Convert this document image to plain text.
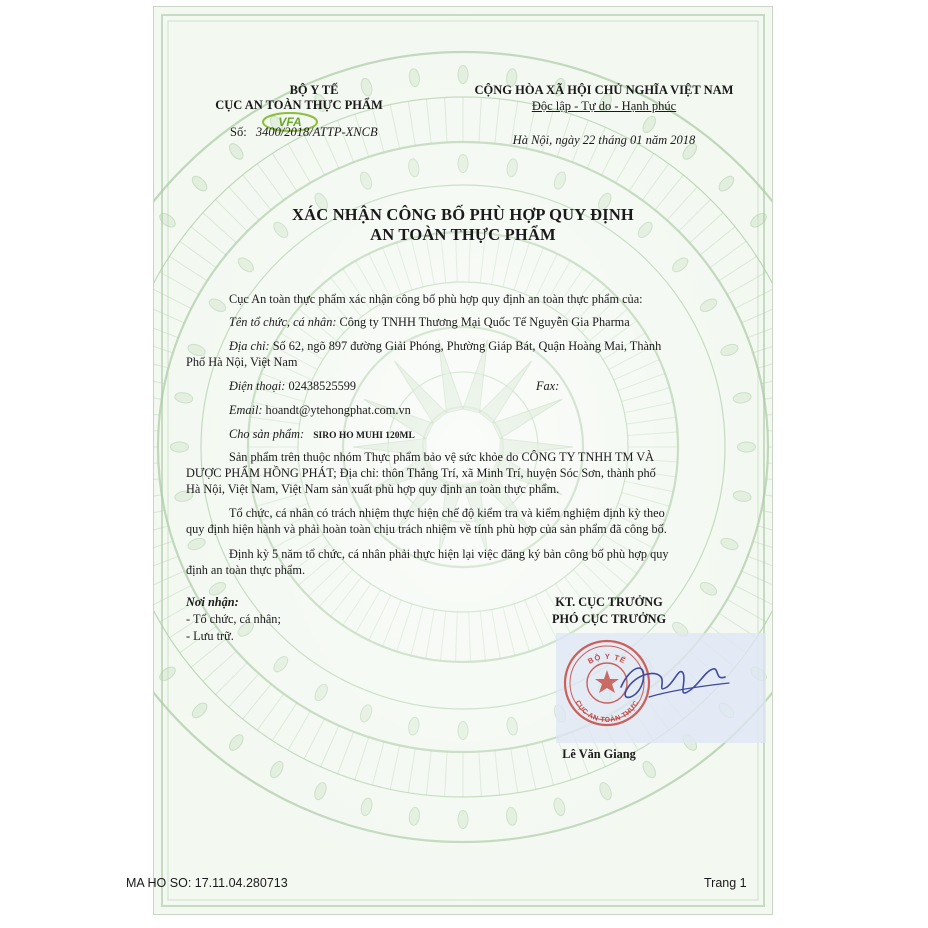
BỘ Y TẾ
CỤC AN TOÀN THỰC PHẨM
VFA
Số: 3400/2018/ATTP-XNCB
CỘNG HÒA XÃ HỘI CHỦ NGHĨA VIỆT NAM
Độc lập - Tự do - Hạnh phúc
Hà Nội, ngày 22 tháng 01 năm 2018
XÁC NHẬN CÔNG BỐ PHÙ HỢP QUY ĐỊNH
AN TOÀN THỰC PHẨM
Cục An toàn thực phẩm xác nhận công bố phù hợp quy định an toàn thực phẩm của:
Tên tổ chức, cá nhân: Công ty TNHH Thương Mại Quốc Tế Nguyễn Gia Pharma
Địa chỉ: Số 62, ngõ 897 đường Giải Phóng, Phường Giáp Bát, Quận Hoàng Mai, Thành
Phố Hà Nội, Việt Nam
Điện thoại: 02438525599	Fax:
Email: hoandt@ytehongphat.com.vn
Cho sản phẩm: SIRO HO MUHI 120ML
Sản phẩm trên thuộc nhóm Thực phẩm bảo vệ sức khỏe do CÔNG TY TNHH TM VÀ
DƯỢC PHẨM HỒNG PHÁT; Địa chỉ: thôn Thắng Trí, xã Minh Trí, huyện Sóc Sơn, thành phố
Hà Nội, Việt Nam, Việt Nam sản xuất phù hợp quy định an toàn thực phẩm.
Tổ chức, cá nhân có trách nhiệm thực hiện chế độ kiểm tra và kiểm nghiệm định kỳ theo
quy định hiện hành và phải hoàn toàn chịu trách nhiệm về tính phù hợp của sản phẩm đã công bố.
Định kỳ 5 năm tổ chức, cá nhân phải thực hiện lại việc đăng ký bản công bố phù hợp quy
định an toàn thực phẩm.
Nơi nhận:
- Tổ chức, cá nhân;
- Lưu trữ.
KT. CỤC TRƯỞNG
PHÓ CỤC TRƯỞNG
BỘ Y TẾ
CỤC AN TOÀN THỰC
Lê Văn Giang
MA HO SO: 17.11.04.280713	Trang 1
